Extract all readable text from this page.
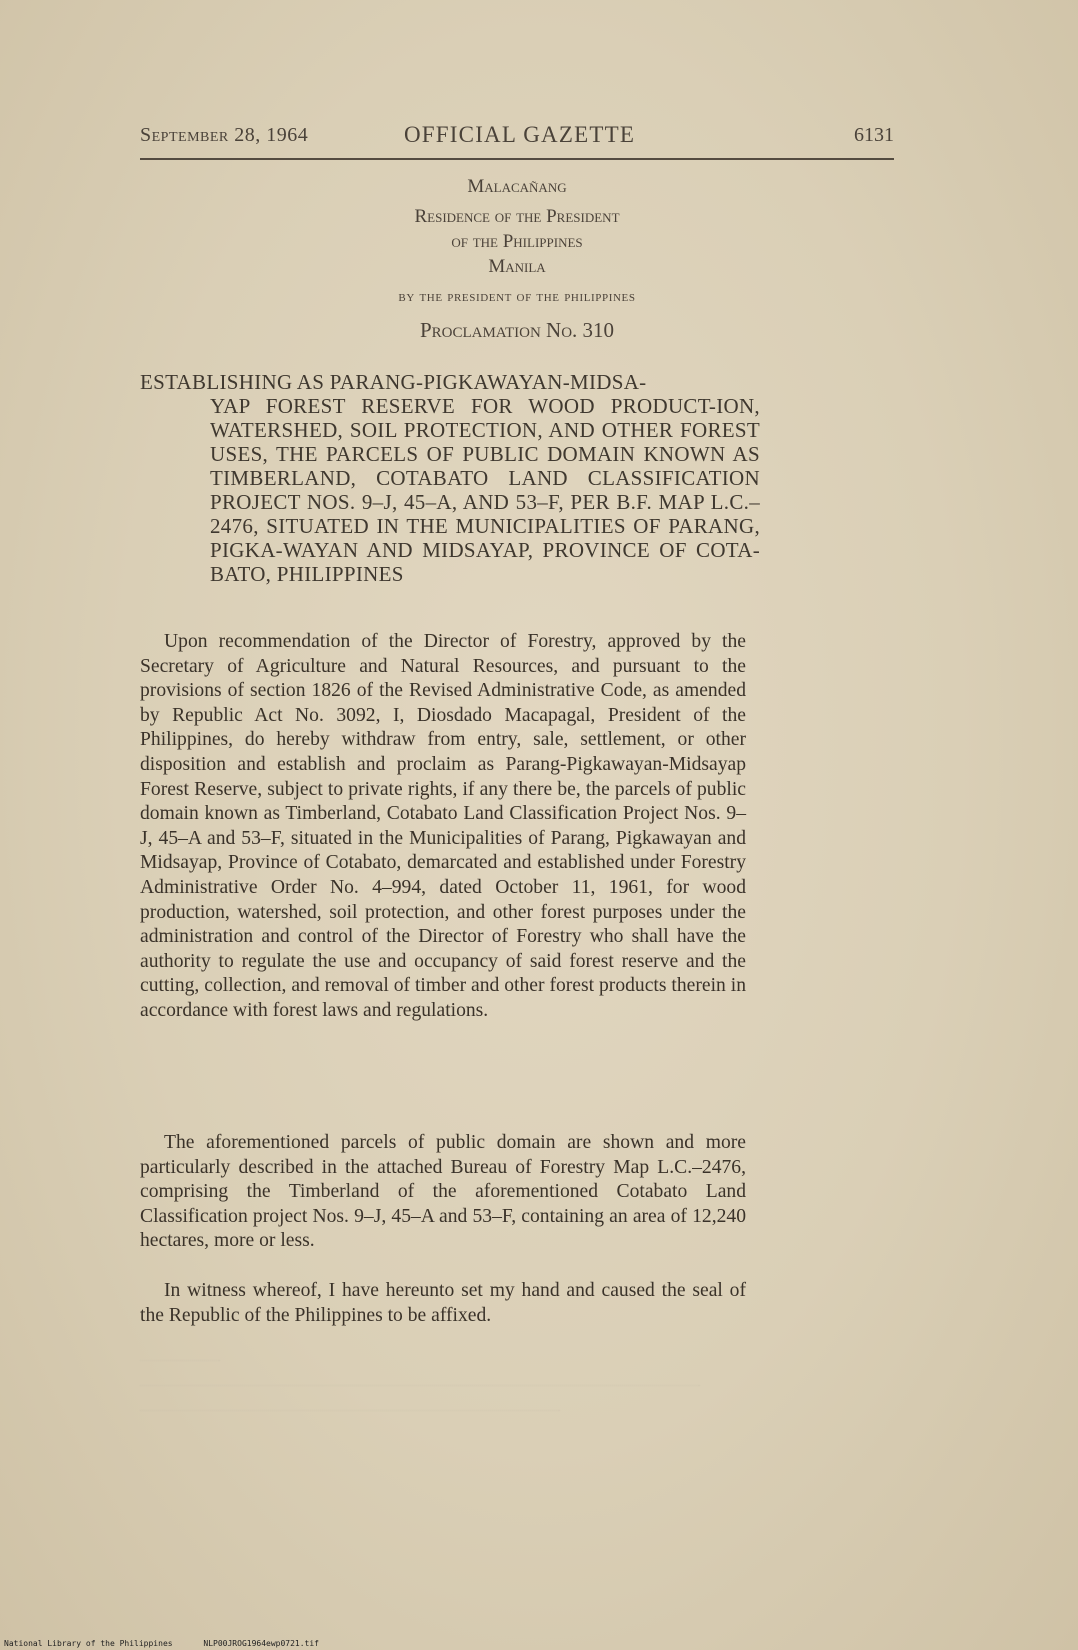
September 28, 1964	OFFICIAL GAZETTE	6131
Malacañang
Residence of the President
of the Philippines
Manila
by the president of the philippines
Proclamation No. 310
ESTABLISHING AS PARANG-PIGKAWAYAN-MIDSA-
YAP FOREST RESERVE FOR WOOD PRODUCT-ION, WATERSHED, SOIL PROTECTION, AND OTHER FOREST USES, THE PARCELS OF PUBLIC DOMAIN KNOWN AS TIMBERLAND, COTABATO LAND CLASSIFICATION PROJECT NOS. 9–J, 45–A, AND 53–F, PER B.F. MAP L.C.–2476, SITUATED IN THE MUNICIPALITIES OF PARANG, PIGKA-WAYAN AND MIDSAYAP, PROVINCE OF COTA-BATO, PHILIPPINES
Upon recommendation of the Director of Forestry, approved by the Secretary of Agriculture and Natural Resources, and pursuant to the provisions of section 1826 of the Revised Administrative Code, as amended by Republic Act No. 3092, I, Diosdado Macapagal, President of the Philippines, do hereby withdraw from entry, sale, settlement, or other disposition and establish and proclaim as Parang-Pigkawayan-Midsayap Forest Reserve, subject to private rights, if any there be, the parcels of public domain known as Timberland, Cotabato Land Classification Project Nos. 9–J, 45–A and 53–F, situated in the Municipalities of Parang, Pigkawayan and Midsayap, Province of Cotabato, demarcated and established under Forestry Administrative Order No. 4–994, dated October 11, 1961, for wood production, watershed, soil protection, and other forest purposes under the administration and control of the Director of Forestry who shall have the authority to regulate the use and occupancy of said forest reserve and the cutting, collection, and removal of timber and other forest products therein in accordance with forest laws and regulations.
The aforementioned parcels of public domain are shown and more particularly described in the attached Bureau of Forestry Map L.C.–2476, comprising the Timberland of the aforementioned Cotabato Land Classification project Nos. 9–J, 45–A and 53–F, containing an area of 12,240 hectares, more or less.
In witness whereof, I have hereunto set my hand and caused the seal of the Republic of the Philippines to be affixed.
National Library of the Philippines	NLP00JROG1964ewp0721.tif
